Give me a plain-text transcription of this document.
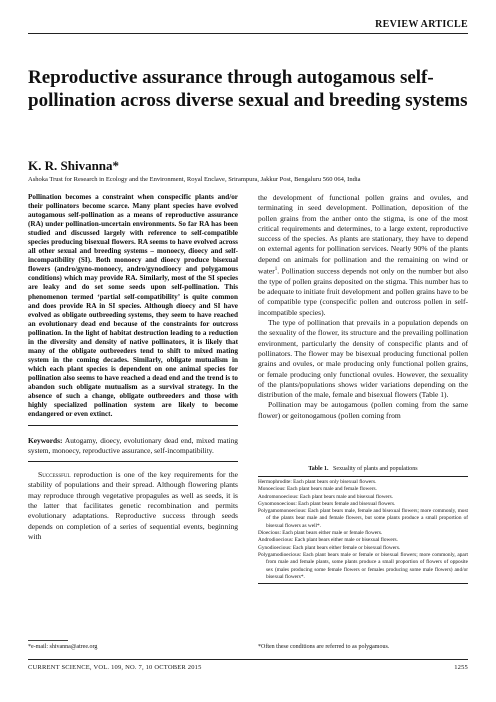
REVIEW ARTICLE
Reproductive assurance through autogamous self-pollination across diverse sexual and breeding systems

K. R. Shivanna*

Ashoka Trust for Research in Ecology and the Environment, Royal Enclave, Srirampura, Jakkur Post, Bengaluru 560 064, India

Pollination becomes a constraint when conspecific plants and/or their pollinators become scarce. Many plant species have evolved autogamous self-pollination as a means of reproductive assurance (RA) under pollination-uncertain environments. So far RA has been studied and discussed largely with reference to self-compatible species producing bisexual flowers. RA seems to have evolved across all other sexual and breeding systems – monoecy, dioecy and self-incompatibility (SI). Both monoecy and dioecy produce bisexual flowers (andro/gyno-monoecy, andro/gynodioecy and polygamous conditions) which may provide RA. Similarly, most of the SI species are leaky and do set some seeds upon self-pollination. This phenomenon termed ‘partial self-compatibility’ is quite common and does provide RA in SI species. Although dioecy and SI have evolved as obligate outbreeding systems, they seem to have reached an evolutionary dead end because of the constraints for outcross pollination. In the light of habitat destruction leading to a reduction in the diversity and density of native pollinators, it is likely that many of the obligate outbreeders tend to shift to mixed mating system in the coming decades. Similarly, obligate mutualism in which each plant species is dependent on one animal species for pollination also seems to have reached a dead end and the trend is to abandon such obligate mutualism as a survival strategy. In the absence of such a change, obligate outbreeders and those with highly specialized pollination system are likely to become endangered or even extinct.

Keywords: Autogamy, dioecy, evolutionary dead end, mixed mating system, monoecy, reproductive assurance, self-incompatibility.

Successful reproduction is one of the key requirements for the stability of populations and their spread. Although flowering plants may reproduce through vegetative propagules as well as seeds, it is the latter that facilitates genetic recombination and permits evolutionary adaptations. Reproductive success through seeds depends on completion of a series of sequential events, beginning with

the development of functional pollen grains and ovules, and terminating in seed development. Pollination, deposition of the pollen grains from the anther onto the stigma, is one of the most critical requirements and determines, to a large extent, reproductive success of the species. As plants are stationary, they have to depend on external agents for pollination services. Nearly 90% of the plants depend on animals for pollination and the remaining on wind or water$^1$. Pollination success depends not only on the number but also the type of pollen grains deposited on the stigma. This number has to be adequate to initiate fruit development and pollen grains have to be of compatible type (conspecific pollen and outcross pollen in self-incompatible species).

The type of pollination that prevails in a population depends on the sexuality of the flower, its structure and the prevailing pollination environment, particularly the density of conspecific plants and of pollinators. The flower may be bisexual producing functional pollen grains and ovules, or male producing only functional pollen grains, or female producing only functional ovules. However, the sexuality of the plants/populations shows wider variations depending on the distribution of the male, female and bisexual flowers (Table 1).

Pollination may be autogamous (pollen coming from the same flower) or geitonogamous (pollen coming from

Table 1. Sexuality of plants and populations

Hermophrodite: Each plant bears only bisexual flowers.

Monoecious: Each plant bears male and female flowers.

Andromonoecious: Each plant bears male and bisexual flowers.

Gynomonoecious: Each plant bears female and bisexual flowers.

Polygamomonoecious: Each plant bears male, female and bisexual flowers; more commonly, most of the plants bear male and female flowers, but some plants produce a small proportion of bisexual flowers as well*.

Dioecious: Each plant bears either male or female flowers.

Androdioecious: Each plant bears either male or bisexual flowers.

Gynodioecious: Each plant bears either female or bisexual flowers.

Polygamodioecious: Each plant bears male or female or bisexual flowers; more commonly, apart from male and female plants, some plants produce a small proportion of flowers of opposite sex (males producing some female flowers or females producing some male flowers) and/or bisexual flowers*.

*e-mail: shivanna@atree.org	*Often these conditions are referred to as polygamous.

CURRENT SCIENCE, VOL. 109, NO. 7, 10 OCTOBER 2015	1255
